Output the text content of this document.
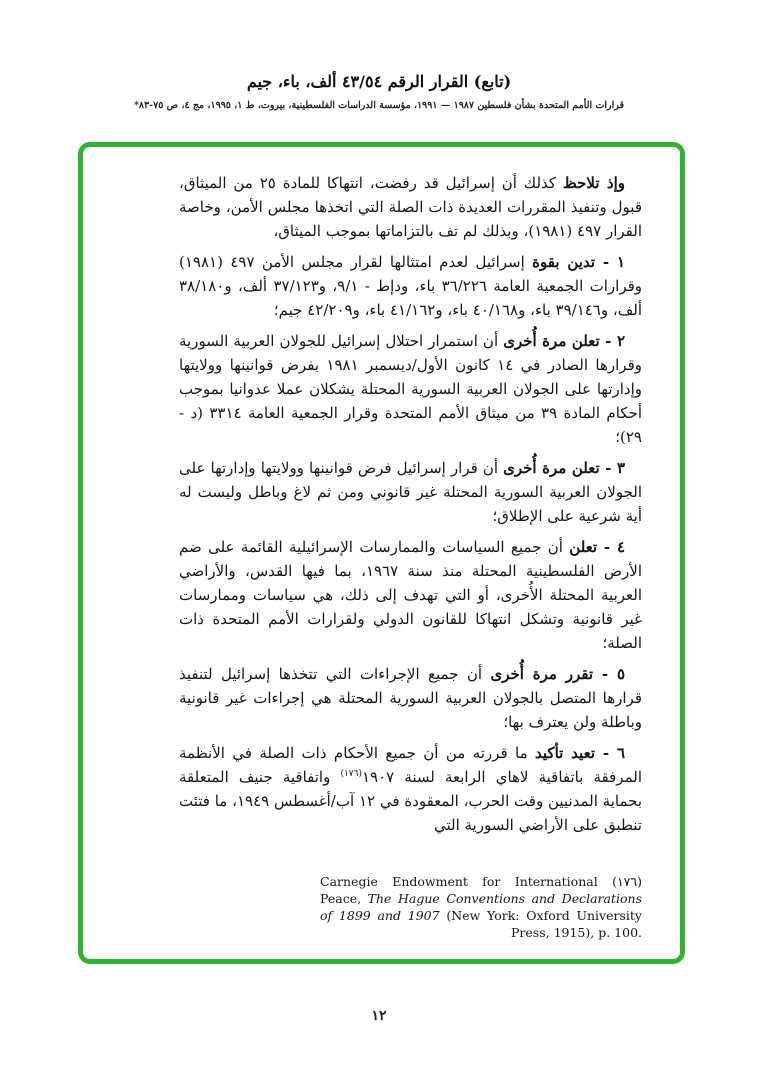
(تابع) القرار الرقم ٤٣/٥٤ ألف، باء، جيم
قرارات الأمم المتحدة بشأن فلسطين ١٩٨٧ — ١٩٩١، مؤسسة الدراسات الفلسطينية، بيروت، ط ١، ١٩٩٥، مج ٤، ص ٧٥-٨٣*

وإذ تلاحظ كذلك أن إسرائيل قد رفضت، انتهاكا للمادة ٢٥ من الميثاق، قبول وتنفيذ المقررات العديدة ذات الصلة التي اتخذها مجلس الأمن، وخاصة القرار ٤٩٧ (١٩٨١)، وبذلك لم تف بالتزاماتها بموجب الميثاق،

١ - تدين بقوة إسرائيل لعدم امتثالها لقرار مجلس الأمن ٤٩٧ (١٩٨١) وقرارات الجمعية العامة ٣٦/٢٢٦ باء، ودإط - ٩/١، و٣٧/١٢٣ ألف، و٣٨/١٨٠ ألف، و٣٩/١٤٦ باء، و٤٠/١٦٨ باء، و٤١/١٦٢ باء، و٤٢/٢٠٩ جيم؛

٢ - تعلن مرة أُخرى أن استمرار احتلال إسرائيل للجولان العربية السورية وقرارها الصادر في ١٤ كانون الأول/ديسمبر ١٩٨١ بفرض قوانينها وولايتها وإدارتها على الجولان العربية السورية المحتلة يشكلان عملا عدوانيا بموجب أحكام المادة ٣٩ من ميثاق الأمم المتحدة وقرار الجمعية العامة ٣٣١٤ (د - ٢٩)؛

٣ - تعلن مرة أُخرى أن قرار إسرائيل فرض قوانينها وولايتها وإدارتها على الجولان العربية السورية المحتلة غير قانوني ومن ثم لاغ وباطل وليست له أية شرعية على الإطلاق؛

٤ - تعلن أن جميع السياسات والممارسات الإسرائيلية القائمة على ضم الأرض الفلسطينية المحتلة منذ سنة ١٩٦٧، بما فيها القدس، والأراضي العربية المحتلة الأُخرى، أو التي تهدف إلى ذلك، هي سياسات وممارسات غير قانونية وتشكل انتهاكا للقانون الدولي ولقرارات الأمم المتحدة ذات الصلة؛

٥ - تقرر مرة أُخرى أن جميع الإجراءات التي تتخذها إسرائيل لتنفيذ قرارها المتصل بالجولان العربية السورية المحتلة هي إجراءات غير قانونية وباطلة ولن يعترف بها؛

٦ - تعيد تأكيد ما قررته من أن جميع الأحكام ذات الصلة في الأنظمة المرفقة باتفاقية لاهاي الرابعة لسنة ١٩٠٧$^{(١٧٦)}$ واتفاقية جنيف المتعلقة بحماية المدنيين وقت الحرب، المعقودة في ١٢ آب/أغسطس ١٩٤٩، ما فتئت تنطبق على الأراضي السورية التي

(١٧٦) Carnegie Endowment for International Peace, The Hague Conventions and Declarations of 1899 and 1907 (New York: Oxford University Press, 1915), p. 100.
١٢
